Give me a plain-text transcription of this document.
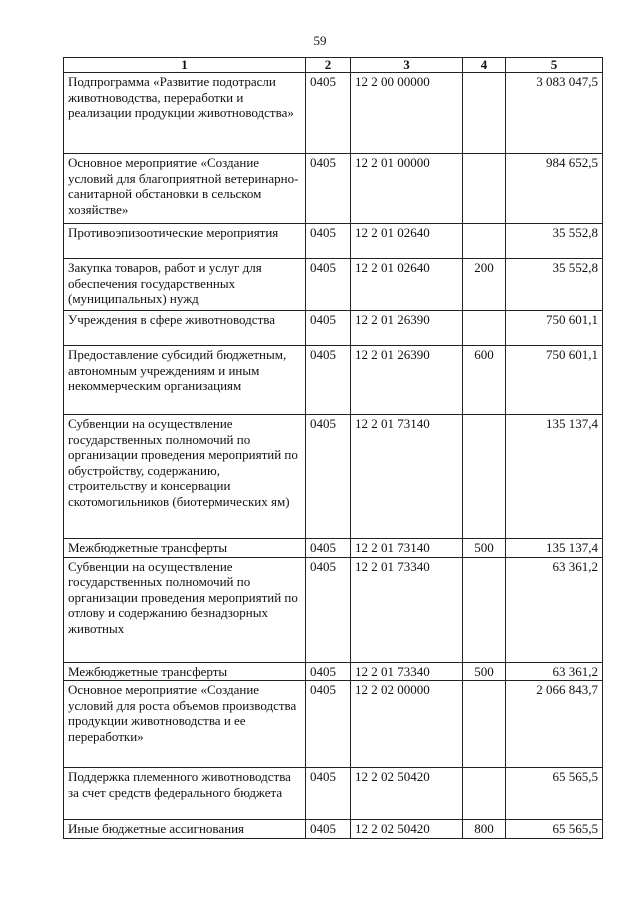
59
1	2	3	4	5
Подпрограмма «Развитие подотрасли животноводства, переработки и реализации продукции животноводства»	0405	12 2 00 00000		3 083 047,5
Основное мероприятие «Создание условий для благоприятной ветеринарно-санитарной обстановки в сельском хозяйстве»	0405	12 2 01 00000		984 652,5
Противоэпизоотические мероприятия	0405	12 2 01 02640		35 552,8
Закупка товаров, работ и услуг для обеспечения государственных (муниципальных) нужд	0405	12 2 01 02640	200	35 552,8
Учреждения в сфере животноводства	0405	12 2 01 26390		750 601,1
Предоставление субсидий бюджетным, автономным учреждениям и иным некоммерческим организациям	0405	12 2 01 26390	600	750 601,1
Субвенции на осуществление государственных полномочий по организации проведения мероприятий по обустройству, содержанию, строительству и консервации скотомогильников (биотермических ям)	0405	12 2 01 73140		135 137,4
Межбюджетные трансферты	0405	12 2 01 73140	500	135 137,4
Субвенции на осуществление государственных полномочий по организации проведения мероприятий по отлову и содержанию безнадзорных животных	0405	12 2 01 73340		63 361,2
Межбюджетные трансферты	0405	12 2 01 73340	500	63 361,2
Основное мероприятие «Создание условий для роста объемов производства продукции животноводства и ее переработки»	0405	12 2 02 00000		2 066 843,7
Поддержка племенного животноводства за счет средств федерального бюджета	0405	12 2 02 50420		65 565,5
Иные бюджетные ассигнования	0405	12 2 02 50420	800	65 565,5
